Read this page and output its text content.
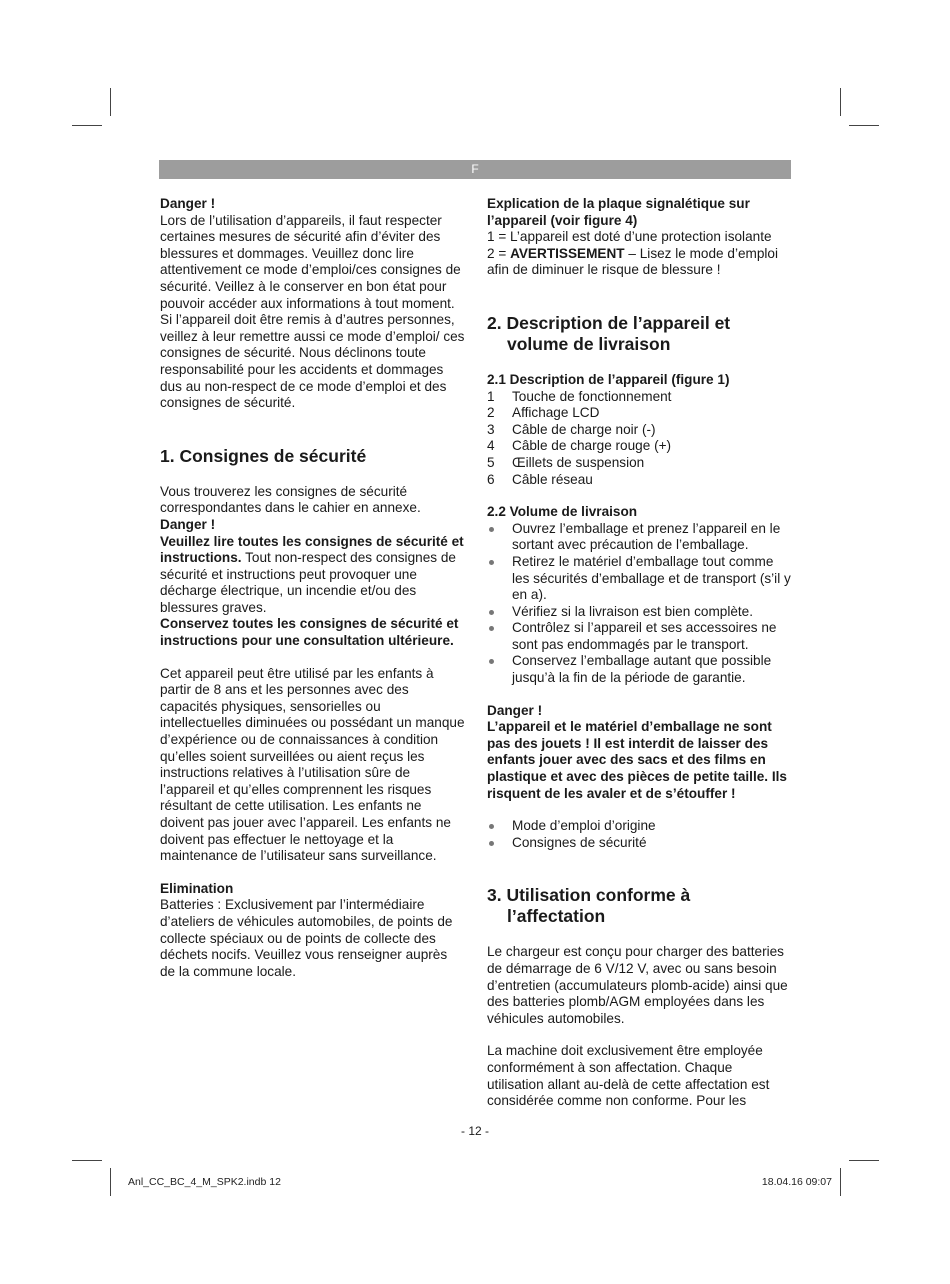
F

Danger !

Lors de l’utilisation d’appareils, il faut respecter certaines mesures de sécurité afin d’éviter des blessures et dommages. Veuillez donc lire attentivement ce mode d’emploi/ces consignes de sécurité. Veillez à le conserver en bon état pour pouvoir accéder aux informations à tout moment. Si l’appareil doit être remis à d’autres personnes, veillez à leur remettre aussi ce mode d’emploi/ ces consignes de sécurité. Nous déclinons toute responsabilité pour les accidents et dommages dus au non-respect de ce mode d’emploi et des consignes de sécurité.

1. Consignes de sécurité

Vous trouverez les consignes de sécurité correspondantes dans le cahier en annexe.

Danger !

Veuillez lire toutes les consignes de sécurité et instructions. Tout non-respect des consignes de sécurité et instructions peut provoquer une décharge électrique, un incendie et/ou des blessures graves.

Conservez toutes les consignes de sécurité et instructions pour une consultation ultérieure.

Cet appareil peut être utilisé par les enfants à partir de 8 ans et les personnes avec des capacités physiques, sensorielles ou intellectuelles diminuées ou possédant un manque d’expérience ou de connaissances à condition qu’elles soient surveillées ou aient reçus les instructions relatives à l’utilisation sûre de l’appareil et qu’elles comprennent les risques résultant de cette utilisation. Les enfants ne doivent pas jouer avec l’appareil. Les enfants ne doivent pas effectuer le nettoyage et la maintenance de l’utilisateur sans surveillance.

Elimination

Batteries : Exclusivement par l’intermédiaire d’ateliers de véhicules automobiles, de points de collecte spéciaux ou de points de collecte des déchets nocifs. Veuillez vous renseigner auprès de la commune locale.

Explication de la plaque signalétique sur l’appareil (voir figure 4)

1 = L’appareil est doté d’une protection isolante

2 = AVERTISSEMENT – Lisez le mode d’emploi afin de diminuer le risque de blessure !

2. Description de l’appareil et
volume de livraison
2.1 Description de l’appareil (figure 1)
1	Touche de fonctionnement
2	Affichage LCD
3	Câble de charge noir (-)
4	Câble de charge rouge (+)
5	Œillets de suspension
6	Câble réseau
2.2 Volume de livraison
Ouvrez l’emballage et prenez l’appareil en le sortant avec précaution de l’emballage.
Retirez le matériel d’emballage tout comme les sécurités d’emballage et de transport (s’il y en a).
Vérifiez si la livraison est bien complète.
Contrôlez si l’appareil et ses accessoires ne sont pas endommagés par le transport.
Conservez l’emballage autant que possible jusqu’à la fin de la période de garantie.

Danger !

L’appareil et le matériel d’emballage ne sont pas des jouets ! Il est interdit de laisser des enfants jouer avec des sacs et des films en plastique et avec des pièces de petite taille. Ils risquent de les avaler et de s’étouffer !

Mode d’emploi d’origine
Consignes de sécurité
3. Utilisation conforme à
l’affectation

Le chargeur est conçu pour charger des batteries de démarrage de 6 V/12 V, avec ou sans besoin d’entretien (accumulateurs plomb-acide) ainsi que des batteries plomb/AGM employées dans les véhicules automobiles.

La machine doit exclusivement être employée conformément à son affectation. Chaque utilisation allant au-delà de cette affectation est considérée comme non conforme. Pour les

- 12 -
Anl_CC_BC_4_M_SPK2.indb 12	18.04.16 09:07
